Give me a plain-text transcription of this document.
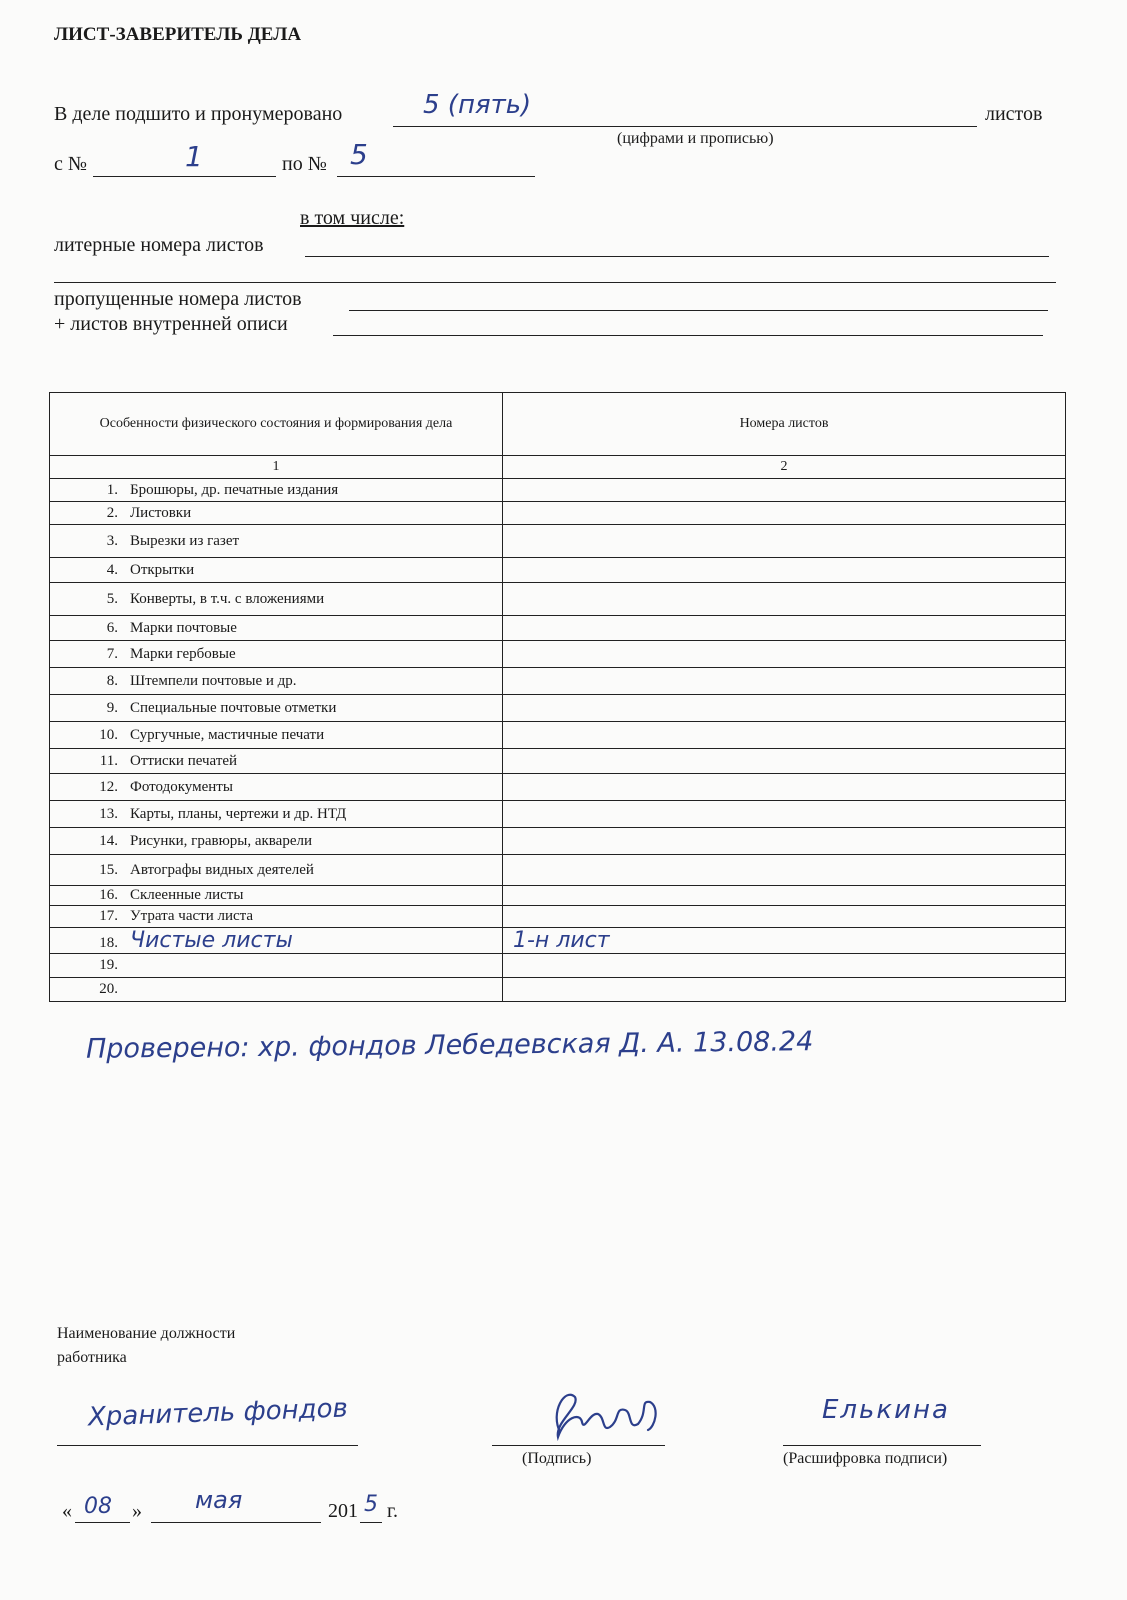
ЛИСТ-ЗАВЕРИТЕЛЬ ДЕЛА
В деле подшито и пронумеровано	5 (пять)	листов
(цифрами и прописью)
с №	1	по № 5
в том числе:
литерные номера листов
пропущенные номера листов
+ листов внутренней описи
Особенности физического состояния и формирования дела	Номера листов
1	2
1. Брошюры, др. печатные издания	
2. Листовки	
3. Вырезки из газет	
4. Открытки	
5. Конверты, в т.ч. с вложениями	
6. Марки почтовые	
7. Марки гербовые	
8. Штемпели почтовые и др.	
9. Специальные почтовые отметки	
10. Сургучные, мастичные печати	
11. Оттиски печатей	
12. Фотодокументы	
13. Карты, планы, чертежи и др. НТД	
14. Рисунки, гравюры, акварели	
15. Автографы видных деятелей	
16. Склеенные листы	
17. Утрата части листа	
18. Чистые листы	1-н лист
19.	
20.	
Проверено: хр. фондов Лебедевская Д. А. 13.08.24
Наименование должности
работника
Хранитель фондов
(Подпись)
Елькина
(Расшифровка подписи)
« 08 » мая	201 5 г.
